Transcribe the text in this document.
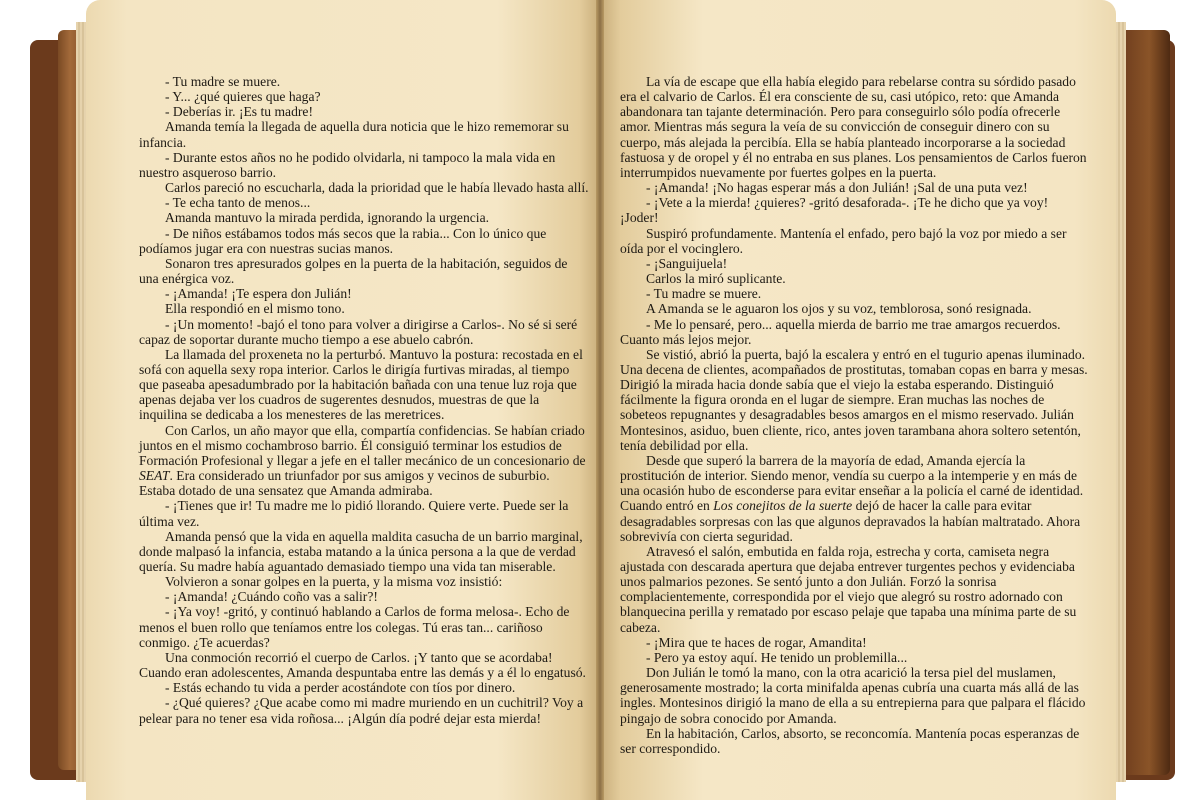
- Tu madre se muere.

- Y... ¿qué quieres que haga?

- Deberías ir. ¡Es tu madre!

Amanda temía la llegada de aquella dura noticia que le hizo rememorar su infancia.

- Durante estos años no he podido olvidarla, ni tampoco la mala vida en nuestro asqueroso barrio.

Carlos pareció no escucharla, dada la prioridad que le había llevado hasta allí.

- Te echa tanto de menos...

Amanda mantuvo la mirada perdida, ignorando la urgencia.

- De niños estábamos todos más secos que la rabia... Con lo único que podíamos jugar era con nuestras sucias manos.

Sonaron tres apresurados golpes en la puerta de la habitación, seguidos de una enérgica voz.

- ¡Amanda! ¡Te espera don Julián!

Ella respondió en el mismo tono.

- ¡Un momento! -bajó el tono para volver a dirigirse a Carlos-. No sé si seré capaz de soportar durante mucho tiempo a ese abuelo cabrón.

La llamada del proxeneta no la perturbó. Mantuvo la postura: recostada en el sofá con aquella sexy ropa interior. Carlos le dirigía furtivas miradas, al tiempo que paseaba apesadumbrado por la habitación bañada con una tenue luz roja que apenas dejaba ver los cuadros de sugerentes desnudos, muestras de que la inquilina se dedicaba a los menesteres de las meretrices.

Con Carlos, un año mayor que ella, compartía confidencias. Se habían criado juntos en el mismo cochambroso barrio. Él consiguió terminar los estudios de Formación Profesional y llegar a jefe en el taller mecánico de un concesionario de SEAT. Era considerado un triunfador por sus amigos y vecinos de suburbio. Estaba dotado de una sensatez que Amanda admiraba.

- ¡Tienes que ir! Tu madre me lo pidió llorando. Quiere verte. Puede ser la última vez.

Amanda pensó que la vida en aquella maldita casucha de un barrio marginal, donde malpasó la infancia, estaba matando a la única persona a la que de verdad quería. Su madre había aguantado demasiado tiempo una vida tan miserable.

Volvieron a sonar golpes en la puerta, y la misma voz insistió:

- ¡Amanda! ¿Cuándo coño vas a salir?!

- ¡Ya voy! -gritó, y continuó hablando a Carlos de forma melosa-. Echo de menos el buen rollo que teníamos entre los colegas. Tú eras tan... cariñoso conmigo. ¿Te acuerdas?

Una conmoción recorrió el cuerpo de Carlos. ¡Y tanto que se acordaba! Cuando eran adolescentes, Amanda despuntaba entre las demás y a él lo engatusó.

- Estás echando tu vida a perder acostándote con tíos por dinero.

- ¿Qué quieres? ¿Que acabe como mi madre muriendo en un cuchitril? Voy a pelear para no tener esa vida roñosa... ¡Algún día podré dejar esta mierda!

La vía de escape que ella había elegido para rebelarse contra su sórdido pasado era el calvario de Carlos. Él era consciente de su, casi utópico, reto: que Amanda abandonara tan tajante determinación. Pero para conseguirlo sólo podía ofrecerle amor. Mientras más segura la veía de su convicción de conseguir dinero con su cuerpo, más alejada la percibía. Ella se había planteado incorporarse a la sociedad fastuosa y de oropel y él no entraba en sus planes. Los pensamientos de Carlos fueron interrumpidos nuevamente por fuertes golpes en la puerta.

- ¡Amanda! ¡No hagas esperar más a don Julián! ¡Sal de una puta vez!

- ¡Vete a la mierda! ¿quieres? -gritó desaforada-. ¡Te he dicho que ya voy! ¡Joder!

Suspiró profundamente. Mantenía el enfado, pero bajó la voz por miedo a ser oída por el vocinglero.

- ¡Sanguijuela!

Carlos la miró suplicante.

- Tu madre se muere.

A Amanda se le aguaron los ojos y su voz, temblorosa, sonó resignada.

- Me lo pensaré, pero... aquella mierda de barrio me trae amargos recuerdos. Cuanto más lejos mejor.

Se vistió, abrió la puerta, bajó la escalera y entró en el tugurio apenas iluminado. Una decena de clientes, acompañados de prostitutas, tomaban copas en barra y mesas. Dirigió la mirada hacia donde sabía que el viejo la estaba esperando. Distinguió fácilmente la figura oronda en el lugar de siempre. Eran muchas las noches de sobeteos repugnantes y desagradables besos amargos en el mismo reservado. Julián Montesinos, asiduo, buen cliente, rico, antes joven tarambana ahora soltero setentón, tenía debilidad por ella.

Desde que superó la barrera de la mayoría de edad, Amanda ejercía la prostitución de interior. Siendo menor, vendía su cuerpo a la intemperie y en más de una ocasión hubo de esconderse para evitar enseñar a la policía el carné de identidad. Cuando entró en Los conejitos de la suerte dejó de hacer la calle para evitar desagradables sorpresas con las que algunos depravados la habían maltratado. Ahora sobrevivía con cierta seguridad.

Atravesó el salón, embutida en falda roja, estrecha y corta, camiseta negra ajustada con descarada apertura que dejaba entrever turgentes pechos y evidenciaba unos palmarios pezones. Se sentó junto a don Julián. Forzó la sonrisa complacientemente, correspondida por el viejo que alegró su rostro adornado con blanquecina perilla y rematado por escaso pelaje que tapaba una mínima parte de su cabeza.

- ¡Mira que te haces de rogar, Amandita!

- Pero ya estoy aquí. He tenido un problemilla...

Don Julián le tomó la mano, con la otra acarició la tersa piel del muslamen, generosamente mostrado; la corta minifalda apenas cubría una cuarta más allá de las ingles. Montesinos dirigió la mano de ella a su entrepierna para que palpara el flácido pingajo de sobra conocido por Amanda.

En la habitación, Carlos, absorto, se reconcomía. Mantenía pocas esperanzas de ser correspondido.
